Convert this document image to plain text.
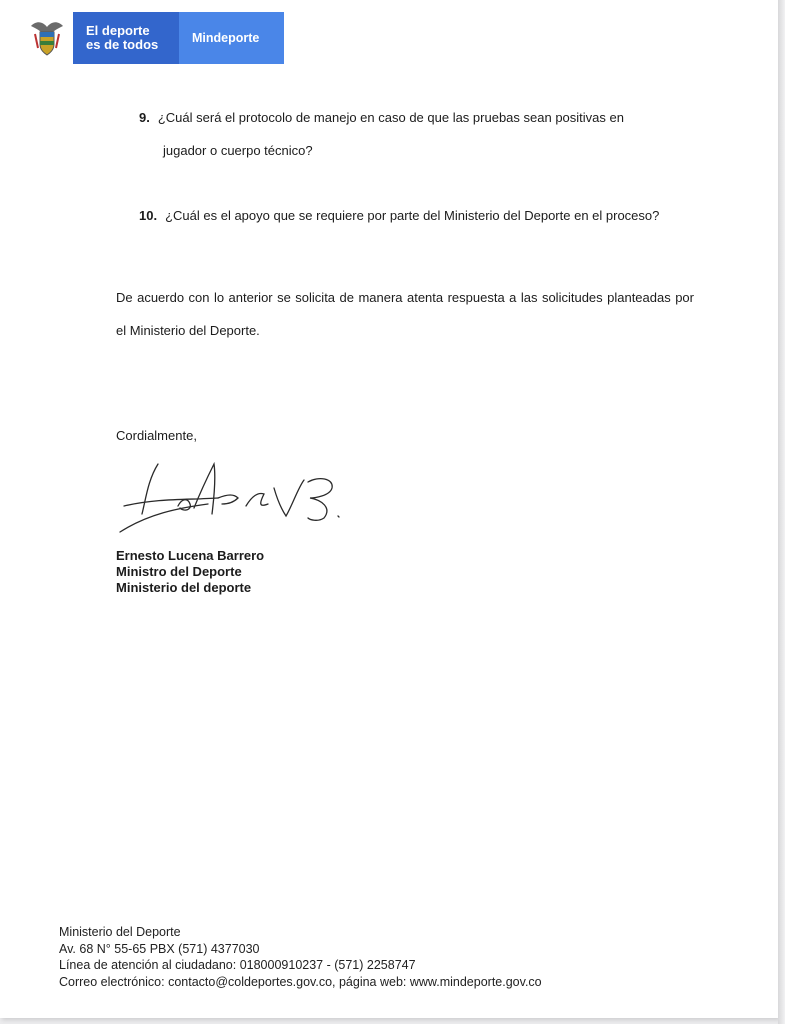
El deporte
es de todos	Mindeporte
9. ¿Cuál será el protocolo de manejo en caso de que las pruebas sean positivas en
jugador o cuerpo técnico?
10. ¿Cuál es el apoyo que se requiere por parte del Ministerio del Deporte en el proceso?
De acuerdo con lo anterior se solicita de manera atenta respuesta a las solicitudes planteadas por el Ministerio del Deporte.
Cordialmente,
Ernesto Lucena Barrero
Ministro del Deporte
Ministerio del deporte
Ministerio del Deporte
Av. 68 N° 55-65 PBX (571) 4377030
Línea de atención al ciudadano: 018000910237 - (571) 2258747
Correo electrónico: contacto@coldeportes.gov.co, página web: www.mindeporte.gov.co
